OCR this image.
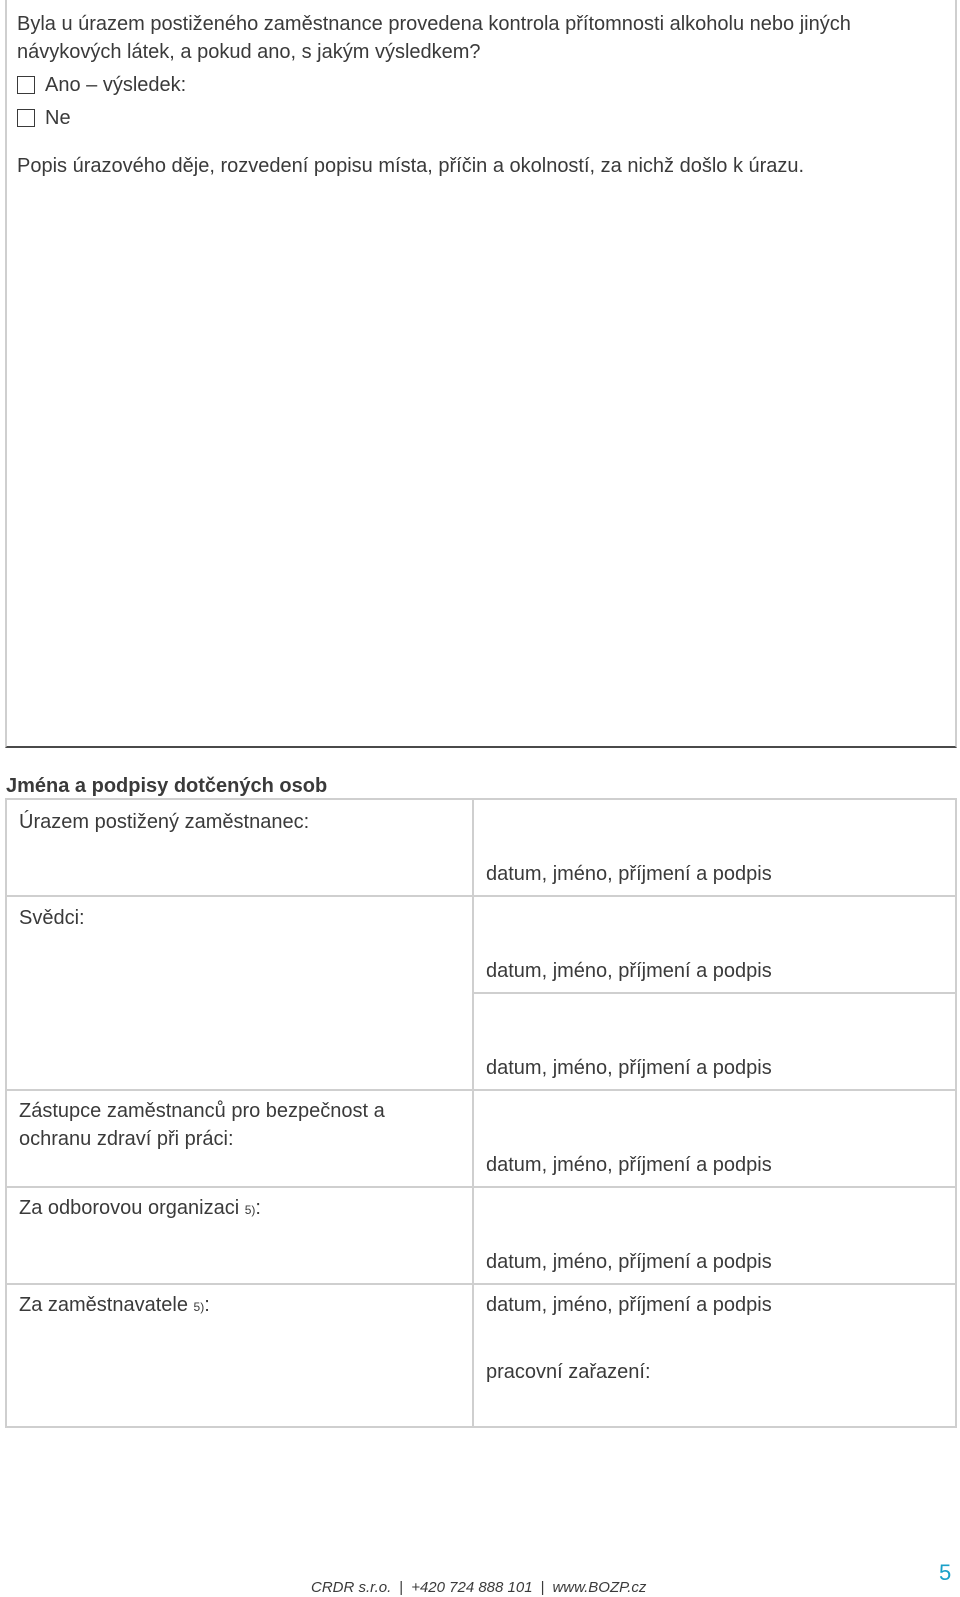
Byla u úrazem postiženého zaměstnance provedena kontrola přítomnosti alkoholu nebo jiných návykových látek, a pokud ano, s jakým výsledkem?
Ano – výsledek:
Ne
Popis úrazového děje, rozvedení popisu místa, příčin a okolností, za nichž došlo k úrazu.
Jména a podpisy dotčených osob
Úrazem postižený zaměstnanec:
datum, jméno, příjmení a podpis
Svědci:
datum, jméno, příjmení a podpis
datum, jméno, příjmení a podpis
Zástupce zaměstnanců pro bezpečnost a ochranu zdraví při práci:
datum, jméno, příjmení a podpis
Za odborovou organizaci 5):
datum, jméno, příjmení a podpis
Za zaměstnavatele 5):	datum, jméno, příjmení a podpis
pracovní zařazení:
5
CRDR s.r.o. | +420 724 888 101 | www.BOZP.cz
